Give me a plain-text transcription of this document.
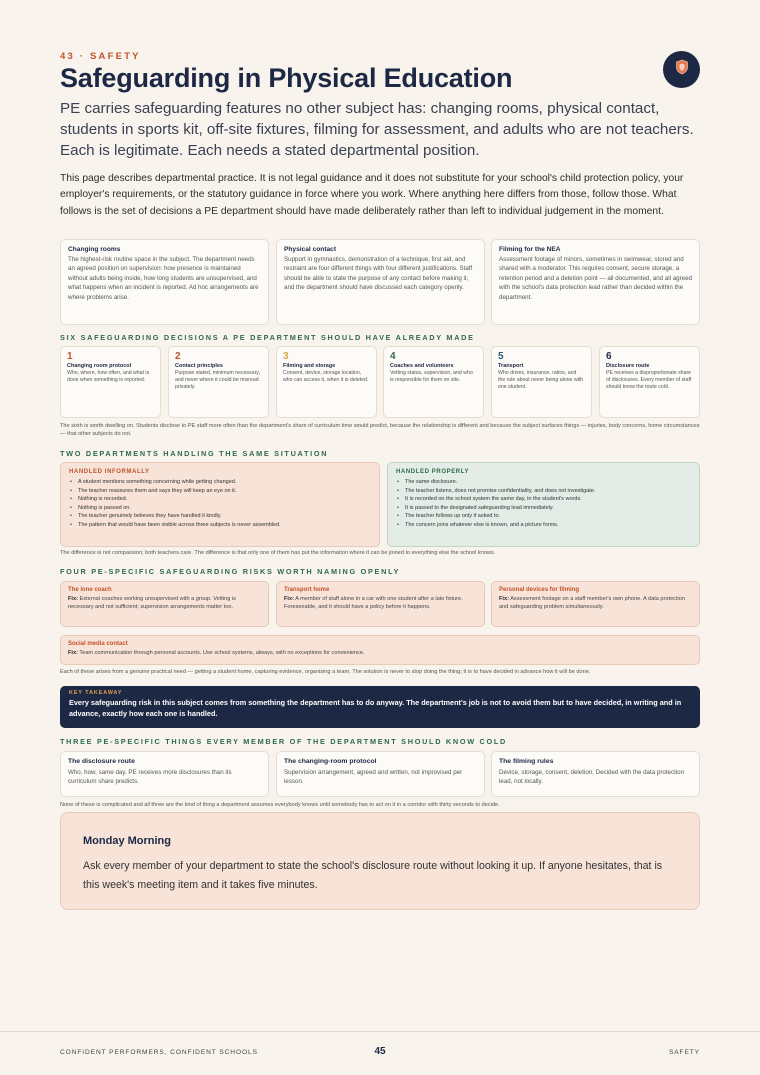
43 · SAFETY
Safeguarding in Physical Education

PE carries safeguarding features no other subject has: changing rooms, physical contact, students in sports kit, off-site fixtures, filming for assessment, and adults who are not teachers. Each is legitimate. Each needs a stated departmental position.

This page describes departmental practice. It is not legal guidance and it does not substitute for your school's child protection policy, your employer's requirements, or the statutory guidance in force where you work. Where anything here differs from those, follow those. What follows is the set of decisions a PE department should have made deliberately rather than left to individual judgement in the moment.

Changing rooms

The highest-risk routine space in the subject. The department needs an agreed position on supervision: how presence is maintained without adults being inside, how long students are unsupervised, and what happens when an incident is reported. Ad hoc arrangements are where problems arise.

Physical contact

Support in gymnastics, demonstration of a technique, first aid, and restraint are four different things with four different justifications. Staff should be able to state the purpose of any contact before making it, and the department should have discussed each category openly.

Filming for the NEA

Assessment footage of minors, sometimes in swimwear, stored and shared with a moderator. This requires consent, secure storage, a retention period and a deletion point — all documented, and all agreed with the school's data protection lead rather than decided within the department.

SIX SAFEGUARDING DECISIONS A PE DEPARTMENT SHOULD HAVE ALREADY MADE
1
Changing room protocol

Who, where, how often, and what is done when something is reported.

2
Contact principles

Purpose stated, minimum necessary, and never where it could be misread privately.

3
Filming and storage

Consent, device, storage location, who can access it, when it is deleted.

4
Coaches and volunteers

Vetting status, supervision, and who is responsible for them on site.

5
Transport

Who drives, insurance, ratios, and the rule about never being alone with one student.

6
Disclosure route

PE receives a disproportionate share of disclosures. Every member of staff should know the route cold.

The sixth is worth dwelling on. Students disclose to PE staff more often than the department's share of curriculum time would predict, because the relationship is different and because the subject surfaces things — injuries, body concerns, home circumstances — that other subjects do not.

TWO DEPARTMENTS HANDLING THE SAME SITUATION
HANDLED INFORMALLY
• A student mentions something concerning while getting changed.
• The teacher reassures them and says they will keep an eye on it.
• Nothing is recorded.
• Nothing is passed on.
• The teacher genuinely believes they have handled it kindly.
• The pattern that would have been visible across three subjects is never assembled.
HANDLED PROPERLY
• The same disclosure.
• The teacher listens, does not promise confidentiality, and does not investigate.
• It is recorded on the school system the same day, in the student's words.
• It is passed to the designated safeguarding lead immediately.
• The teacher follows up only if asked to.
• The concern joins whatever else is known, and a picture forms.

The difference is not compassion; both teachers care. The difference is that only one of them has put the information where it can be joined to everything else the school knows.

FOUR PE-SPECIFIC SAFEGUARDING RISKS WORTH NAMING OPENLY
The lone coach

Fix: External coaches working unsupervised with a group. Vetting is necessary and not sufficient; supervision arrangements matter too.

Transport home

Fix: A member of staff alone in a car with one student after a late fixture. Foreseeable, and it should have a policy before it happens.

Personal devices for filming

Fix: Assessment footage on a staff member's own phone. A data protection and safeguarding problem simultaneously.

Social media contact

Fix: Team communication through personal accounts. Use school systems, always, with no exceptions for convenience.

Each of these arises from a genuine practical need — getting a student home, capturing evidence, organising a team. The solution is never to stop doing the thing; it is to have decided in advance how it will be done.

KEY TAKEAWAY
Every safeguarding risk in this subject comes from something the department has to do anyway. The department's job is not to avoid them but to have decided, in writing and in advance, exactly how each one is handled.
THREE PE-SPECIFIC THINGS EVERY MEMBER OF THE DEPARTMENT SHOULD KNOW COLD
The disclosure route

Who, how, same day. PE receives more disclosures than its curriculum share predicts.

The changing-room protocol

Supervision arrangement, agreed and written, not improvised per lesson.

The filming rules

Device, storage, consent, deletion. Decided with the data protection lead, not locally.

None of these is complicated and all three are the kind of thing a department assumes everybody knows until somebody has to act on it in a corridor with thirty seconds to decide.

Monday Morning

Ask every member of your department to state the school's disclosure route without looking it up. If anyone hesitates, that is this week's meeting item and it takes five minutes.

CONFIDENT PERFORMERS, CONFIDENT SCHOOLS	45	SAFETY
